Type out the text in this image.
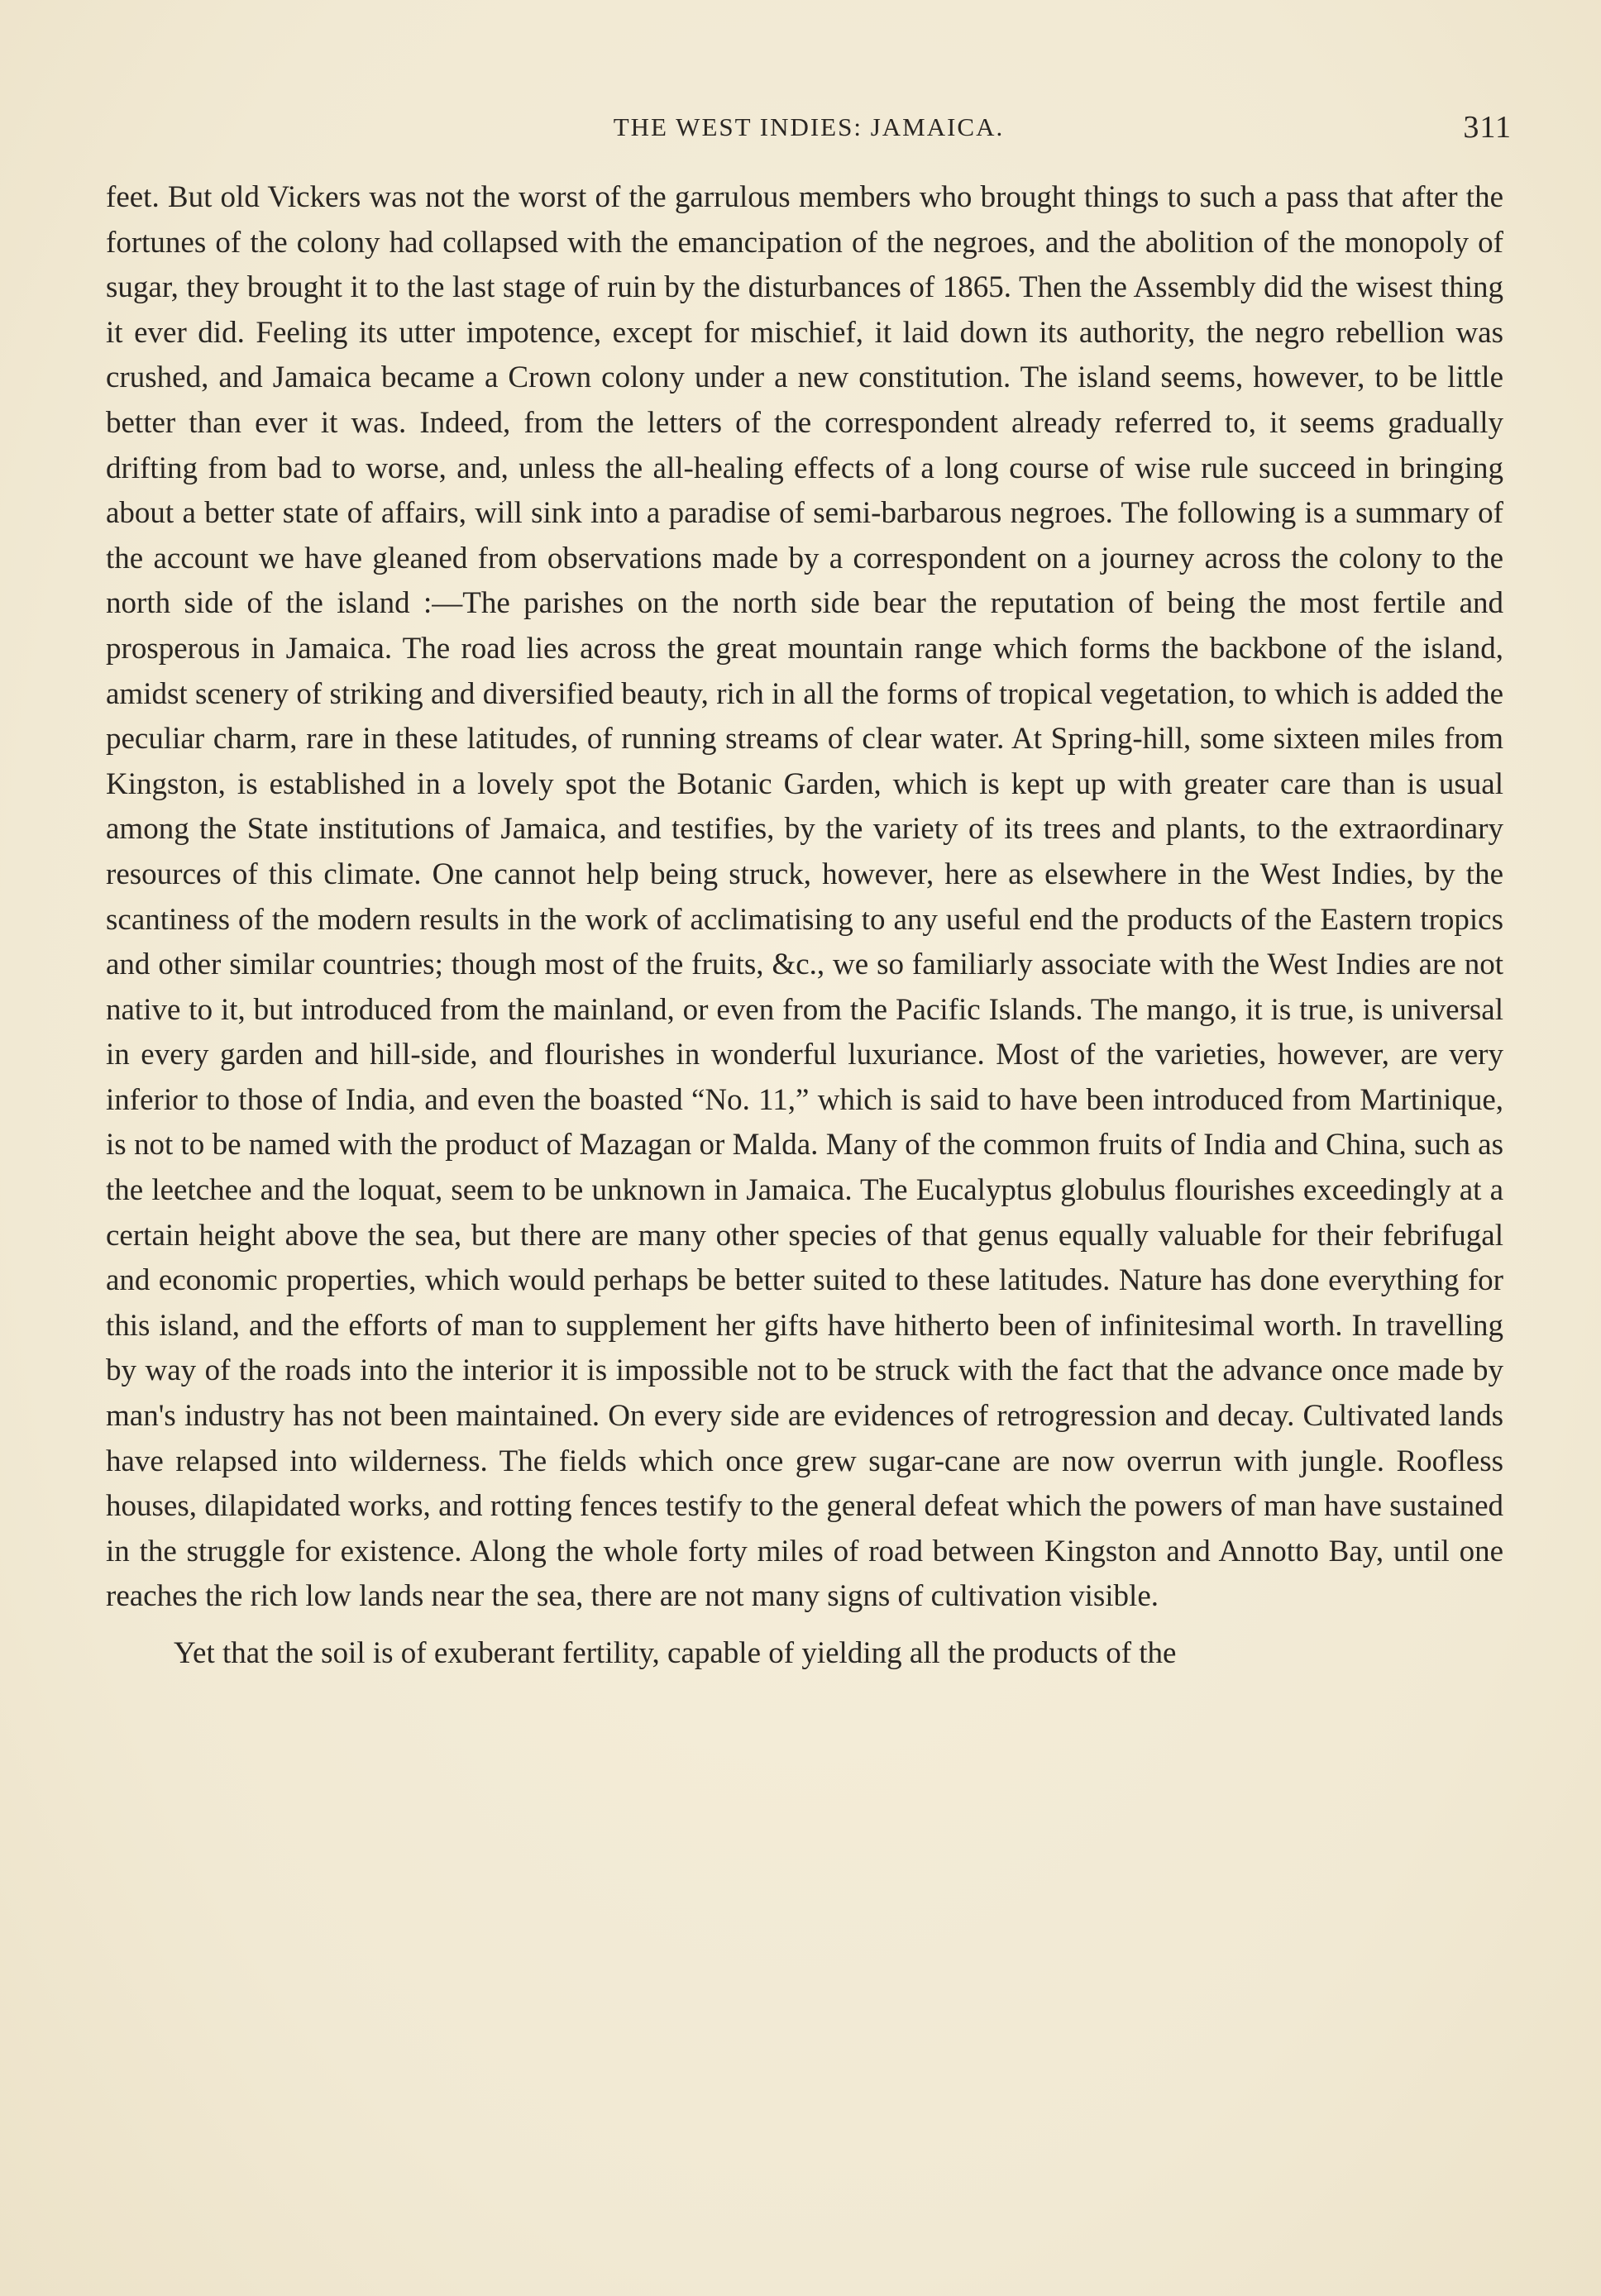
THE WEST INDIES: JAMAICA.	311

feet. But old Vickers was not the worst of the garrulous members who brought things to such a pass that after the fortunes of the colony had collapsed with the emancipation of the negroes, and the abolition of the monopoly of sugar, they brought it to the last stage of ruin by the disturbances of 1865. Then the Assembly did the wisest thing it ever did. Feeling its utter impotence, except for mischief, it laid down its authority, the negro rebellion was crushed, and Jamaica became a Crown colony under a new constitution. The island seems, however, to be little better than ever it was. Indeed, from the letters of the correspondent already referred to, it seems gradually drifting from bad to worse, and, unless the all-healing effects of a long course of wise rule succeed in bringing about a better state of affairs, will sink into a paradise of semi-barbarous negroes. The following is a summary of the account we have gleaned from observations made by a correspondent on a journey across the colony to the north side of the island :—The parishes on the north side bear the reputation of being the most fertile and prosperous in Jamaica. The road lies across the great mountain range which forms the backbone of the island, amidst scenery of striking and diversified beauty, rich in all the forms of tropical vegetation, to which is added the peculiar charm, rare in these latitudes, of running streams of clear water. At Spring-hill, some sixteen miles from Kingston, is established in a lovely spot the Botanic Garden, which is kept up with greater care than is usual among the State institutions of Jamaica, and testifies, by the variety of its trees and plants, to the extraordinary resources of this climate. One cannot help being struck, however, here as elsewhere in the West Indies, by the scantiness of the modern results in the work of acclimatising to any useful end the products of the Eastern tropics and other similar countries; though most of the fruits, &c., we so familiarly associate with the West Indies are not native to it, but introduced from the mainland, or even from the Pacific Islands. The mango, it is true, is universal in every garden and hill-side, and flourishes in wonderful luxuriance. Most of the varieties, however, are very inferior to those of India, and even the boasted “No. 11,” which is said to have been introduced from Martinique, is not to be named with the product of Mazagan or Malda. Many of the common fruits of India and China, such as the leetchee and the loquat, seem to be unknown in Jamaica. The Eucalyptus globulus flourishes exceedingly at a certain height above the sea, but there are many other species of that genus equally valuable for their febrifugal and economic properties, which would perhaps be better suited to these latitudes. Nature has done everything for this island, and the efforts of man to supplement her gifts have hitherto been of infinitesimal worth. In travelling by way of the roads into the interior it is impossible not to be struck with the fact that the advance once made by man's industry has not been maintained. On every side are evidences of retrogression and decay. Cultivated lands have relapsed into wilderness. The fields which once grew sugar-cane are now overrun with jungle. Roofless houses, dilapidated works, and rotting fences testify to the general defeat which the powers of man have sustained in the struggle for existence. Along the whole forty miles of road between Kingston and Annotto Bay, until one reaches the rich low lands near the sea, there are not many signs of cultivation visible.

Yet that the soil is of exuberant fertility, capable of yielding all the products of the
